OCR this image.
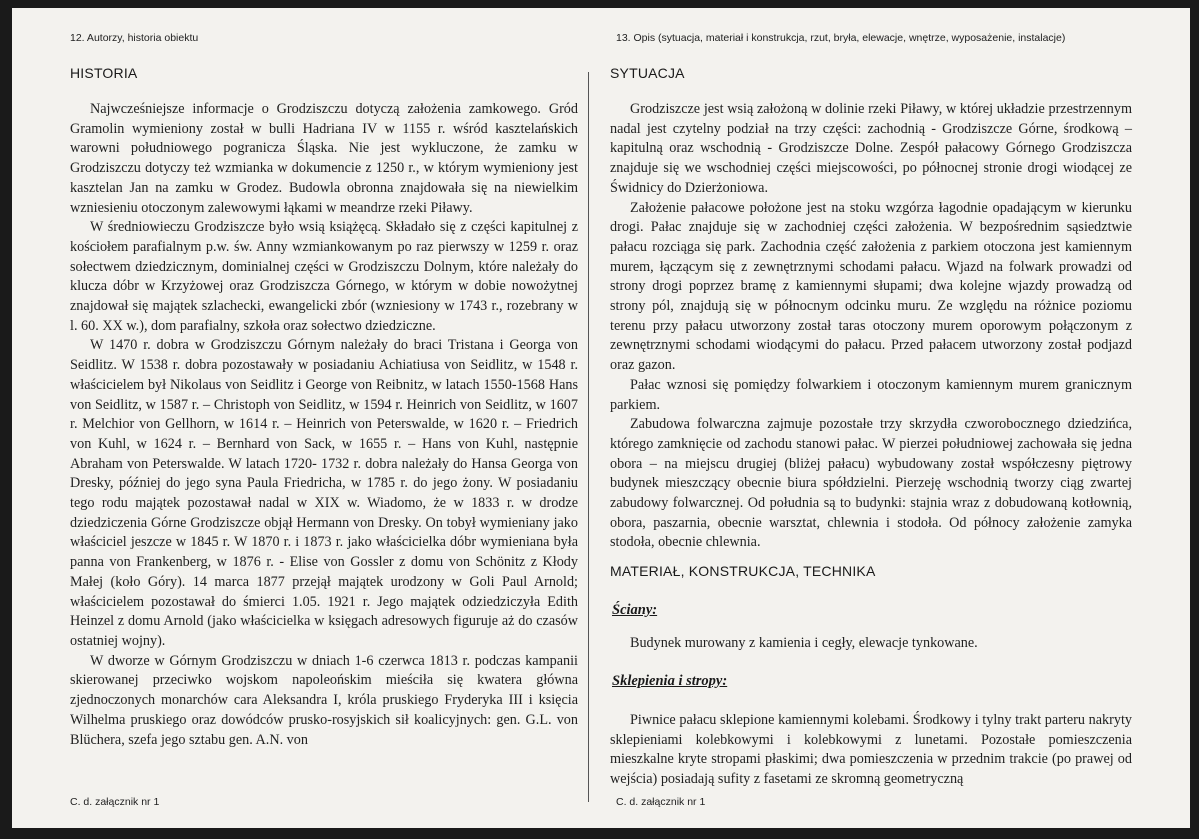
12. Autorzy, historia obiektu
HISTORIA

Najwcześniejsze informacje o Grodziszczu dotyczą założenia zamkowego. Gród Gramolin wymieniony został w bulli Hadriana IV w 1155 r. wśród kasztelańskich warowni południowego pogranicza Śląska. Nie jest wykluczone, że zamku w Grodziszczu dotyczy też wzmianka w dokumencie z 1250 r., w którym wymieniony jest kasztelan Jan na zamku w Grodez. Budowla obronna znajdowała się na niewielkim wzniesieniu otoczonym zalewowymi łąkami w meandrze rzeki Piławy.

W średniowieczu Grodziszcze było wsią książęcą. Składało się z części kapitulnej z kościołem parafialnym p.w. św. Anny wzmiankowanym po raz pierwszy w 1259 r. oraz sołectwem dziedzicznym, dominialnej części w Grodziszczu Dolnym, które należały do klucza dóbr w Krzyżowej oraz Grodziszcza Górnego, w którym w dobie nowożytnej znajdował się majątek szlachecki, ewangelicki zbór (wzniesiony w 1743 r., rozebrany w l. 60. XX w.), dom parafialny, szkoła oraz sołectwo dziedziczne.

W 1470 r. dobra w Grodziszczu Górnym należały do braci Tristana i Georga von Seidlitz. W 1538 r. dobra pozostawały w posiadaniu Achiatiusa von Seidlitz, w 1548 r. właścicielem był Nikolaus von Seidlitz i George von Reibnitz, w latach 1550-1568 Hans von Seidlitz, w 1587 r. – Christoph von Seidlitz, w 1594 r. Heinrich von Seidlitz, w 1607 r. Melchior von Gellhorn, w 1614 r. – Heinrich von Peterswalde, w 1620 r. – Friedrich von Kuhl, w 1624 r. – Bernhard von Sack, w 1655 r. – Hans von Kuhl, następnie Abraham von Peterswalde. W latach 1720- 1732 r. dobra należały do Hansa Georga von Dresky, później do jego syna Paula Friedricha, w 1785 r. do jego żony. W posiadaniu tego rodu majątek pozostawał nadal w XIX w. Wiadomo, że w 1833 r. w drodze dziedziczenia Górne Grodziszcze objął Hermann von Dresky. On tobył wymieniany jako właściciel jeszcze w 1845 r. W 1870 r. i 1873 r. jako właścicielka dóbr wymieniana była panna von Frankenberg, w 1876 r. - Elise von Gossler z domu von Schönitz z Kłody Małej (koło Góry). 14 marca 1877 przejął majątek urodzony w Goli Paul Arnold; właścicielem pozostawał do śmierci 1.05. 1921 r. Jego majątek odziedziczyła Edith Heinzel z domu Arnold (jako właścicielka w księgach adresowych figuruje aż do czasów ostatniej wojny).

W dworze w Górnym Grodziszczu w dniach 1-6 czerwca 1813 r. podczas kampanii skierowanej przeciwko wojskom napoleońskim mieściła się kwatera główna zjednoczonych monarchów cara Aleksandra I, króla pruskiego Fryderyka III i księcia Wilhelma pruskiego oraz dowódców prusko-rosyjskich sił koalicyjnych: gen. G.L. von Blüchera, szefa jego sztabu gen. A.N. von

C. d. załącznik nr 1
13. Opis (sytuacja, materiał i konstrukcja, rzut, bryła, elewacje, wnętrze, wyposażenie, instalacje)
SYTUACJA

Grodziszcze jest wsią założoną w dolinie rzeki Piławy, w której układzie przestrzennym nadal jest czytelny podział na trzy części: zachodnią - Grodziszcze Górne, środkową – kapitulną oraz wschodnią - Grodziszcze Dolne. Zespół pałacowy Górnego Grodziszcza znajduje się we wschodniej części miejscowości, po północnej stronie drogi wiodącej ze Świdnicy do Dzierżoniowa.

Założenie pałacowe położone jest na stoku wzgórza łagodnie opadającym w kierunku drogi. Pałac znajduje się w zachodniej części założenia. W bezpośrednim sąsiedztwie pałacu rozciąga się park. Zachodnia część założenia z parkiem otoczona jest kamiennym murem, łączącym się z zewnętrznymi schodami pałacu. Wjazd na folwark prowadzi od strony drogi poprzez bramę z kamiennymi słupami; dwa kolejne wjazdy prowadzą od strony pól, znajdują się w północnym odcinku muru. Ze względu na różnice poziomu terenu przy pałacu utworzony został taras otoczony murem oporowym połączonym z zewnętrznymi schodami wiodącymi do pałacu. Przed pałacem utworzony został podjazd oraz gazon.

Pałac wznosi się pomiędzy folwarkiem i otoczonym kamiennym murem granicznym parkiem.

Zabudowa folwarczna zajmuje pozostałe trzy skrzydła czworobocznego dziedzińca, którego zamknięcie od zachodu stanowi pałac. W pierzei południowej zachowała się jedna obora – na miejscu drugiej (bliżej pałacu) wybudowany został współczesny piętrowy budynek mieszczący obecnie biura spółdzielni. Pierzeję wschodnią tworzy ciąg zwartej zabudowy folwarcznej. Od południa są to budynki: stajnia wraz z dobudowaną kotłownią, obora, paszarnia, obecnie warsztat, chlewnia i stodoła. Od północy założenie zamyka stodoła, obecnie chlewnia.

MATERIAŁ, KONSTRUKCJA, TECHNIKA
Ściany:

Budynek murowany z kamienia i cegły, elewacje tynkowane.

Sklepienia i stropy:

Piwnice pałacu sklepione kamiennymi kolebami. Środkowy i tylny trakt parteru nakryty sklepieniami kolebkowymi i kolebkowymi z lunetami. Pozostałe pomieszczenia mieszkalne kryte stropami płaskimi; dwa pomieszczenia w przednim trakcie (po prawej od wejścia) posiadają sufity z fasetami ze skromną geometryczną

C. d. załącznik nr 1
